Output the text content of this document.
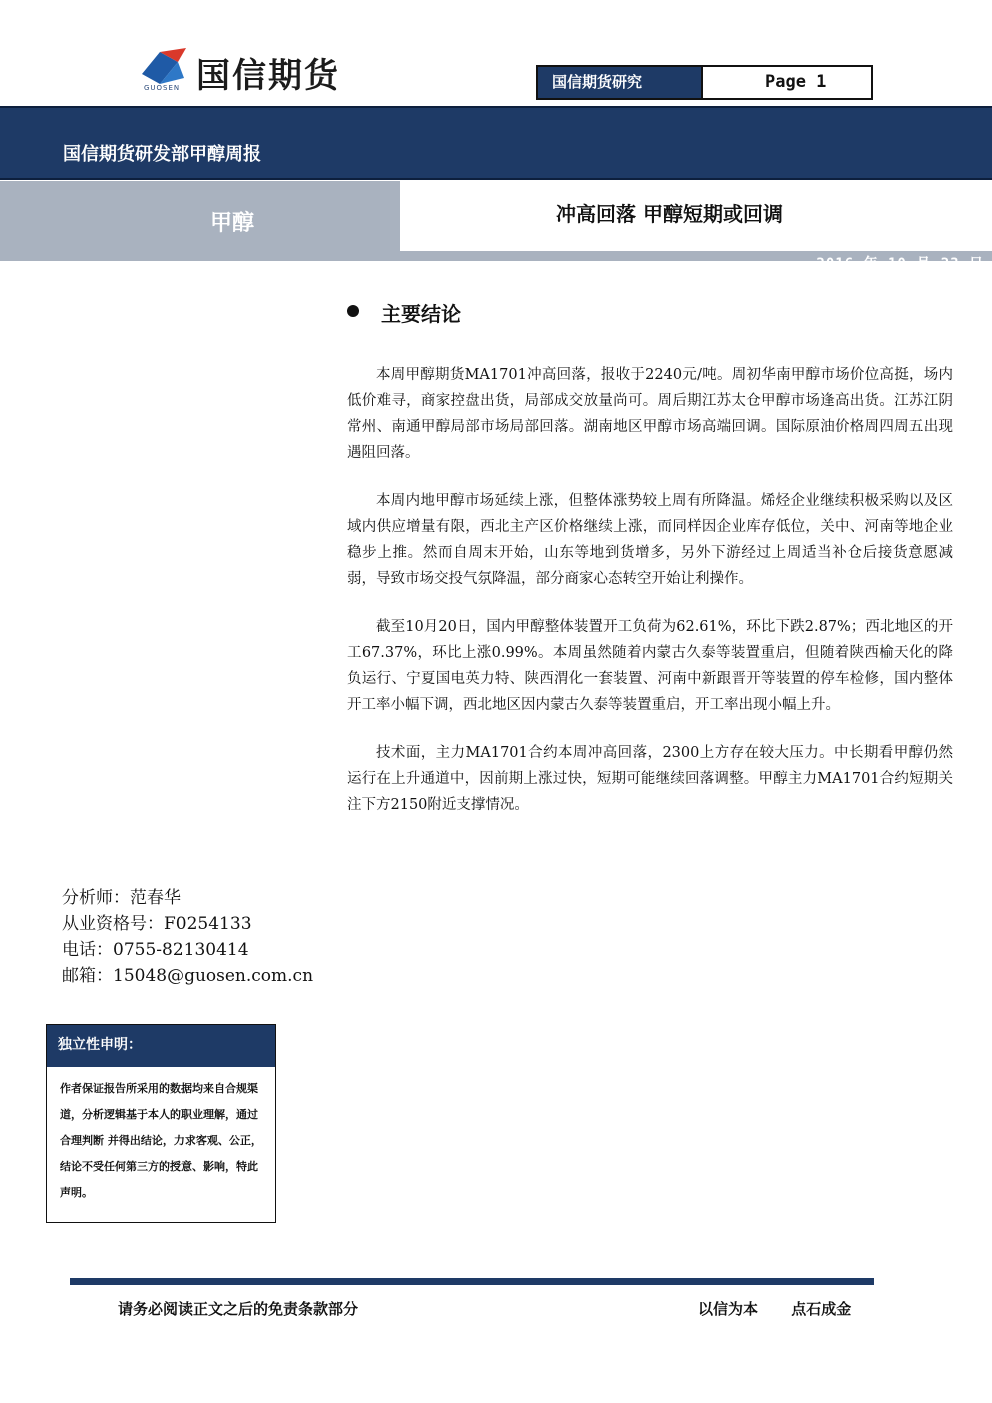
国信期货
GUOSEN	国信期货研究	Page 1
国信期货研发部甲醇周报
甲醇	冲高回落 甲醇短期或回调
2016 年 10 月 23 日
主要结论

本周甲醇期货MA1701冲高回落，报收于2240元/吨。周初华南甲醇市场价位高挺，场内低价难寻，商家控盘出货，局部成交放量尚可。周后期江苏太仓甲醇市场逢高出货。江苏江阴常州、南通甲醇局部市场局部回落。湖南地区甲醇市场高端回调。国际原油价格周四周五出现遇阻回落。

本周内地甲醇市场延续上涨，但整体涨势较上周有所降温。烯烃企业继续积极采购以及区域内供应增量有限，西北主产区价格继续上涨，而同样因企业库存低位，关中、河南等地企业稳步上推。然而自周末开始，山东等地到货增多，另外下游经过上周适当补仓后接货意愿减弱，导致市场交投气氛降温，部分商家心态转空开始让利操作。

截至10月20日，国内甲醇整体装置开工负荷为62.61%，环比下跌2.87%；西北地区的开工67.37%，环比上涨0.99%。本周虽然随着内蒙古久泰等装置重启，但随着陕西榆天化的降负运行、宁夏国电英力特、陕西渭化一套装置、河南中新跟晋开等装置的停车检修，国内整体开工率小幅下调，西北地区因内蒙古久泰等装置重启，开工率出现小幅上升。

技术面，主力MA1701合约本周冲高回落，2300上方存在较大压力。中长期看甲醇仍然运行在上升通道中，因前期上涨过快，短期可能继续回落调整。甲醇主力MA1701合约短期关注下方2150附近支撑情况。

分析师：范春华
从业资格号：F0254133
电话：0755-82130414
邮箱：15048@guosen.com.cn
独立性申明：
作者保证报告所采用的数据均来自合规渠道，分析逻辑基于本人的职业理解，通过合理判断 并得出结论，力求客观、公正，结论不受任何第三方的授意、影响，特此声明。
请务必阅读正文之后的免责条款部分	以信为本 点石成金
